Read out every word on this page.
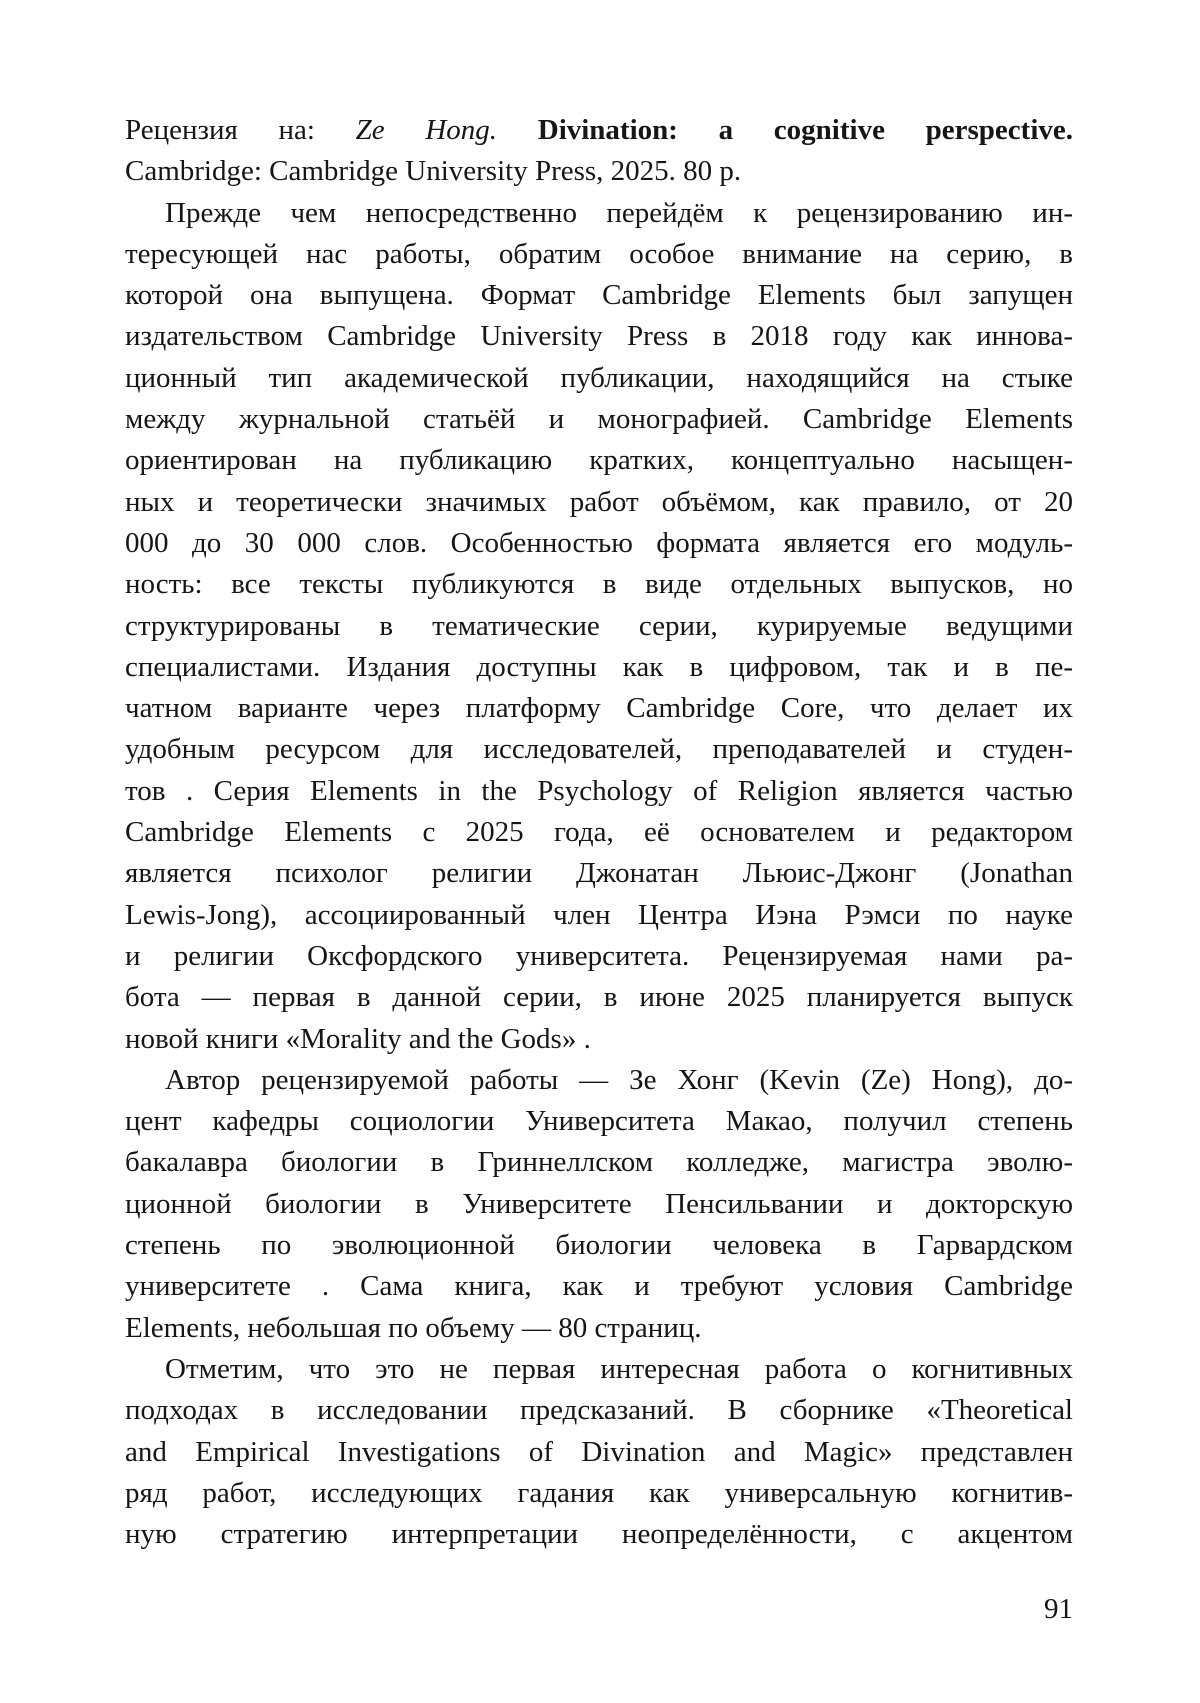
Рецензия на: Ze Hong. Divination: a cognitive perspective.
Cambridge: Cambridge University Press, 2025. 80 p.
Прежде чем непосредственно перейдём к рецензированию ин-
тересующей нас работы, обратим особое внимание на серию, в
которой она выпущена. Формат Cambridge Elements был запущен
издательством Cambridge University Press в 2018 году как иннова-
ционный тип академической публикации, находящийся на стыке
между журнальной статьёй и монографией. Cambridge Elements
ориентирован на публикацию кратких, концептуально насыщен-
ных и теоретически значимых работ объёмом, как правило, от 20
000 до 30 000 слов. Особенностью формата является его модуль-
ность: все тексты публикуются в виде отдельных выпусков, но
структурированы в тематические серии, курируемые ведущими
специалистами. Издания доступны как в цифровом, так и в пе-
чатном варианте через платформу Cambridge Core, что делает их
удобным ресурсом для исследователей, преподавателей и студен-
тов . Серия Elements in the Psychology of Religion является частью
Cambridge Elements с 2025 года, её основателем и редактором
является психолог религии Джонатан Льюис-Джонг (Jonathan
Lewis-Jong), ассоциированный член Центра Иэна Рэмси по науке
и религии Оксфордского университета. Рецензируемая нами ра-
бота — первая в данной серии, в июне 2025 планируется выпуск
новой книги «Morality and the Gods» .
Автор рецензируемой работы — Зе Хонг (Kevin (Ze) Hong), до-
цент кафедры социологии Университета Макао, получил степень
бакалавра биологии в Гриннеллском колледже, магистра эволю-
ционной биологии в Университете Пенсильвании и докторскую
степень по эволюционной биологии человека в Гарвардском
университете . Сама книга, как и требуют условия Cambridge
Elements, небольшая по объему — 80 страниц.
Отметим, что это не первая интересная работа о когнитивных
подходах в исследовании предсказаний. В сборнике «Theoretical
and Empirical Investigations of Divination and Magic» представлен
ряд работ, исследующих гадания как универсальную когнитив-
ную стратегию интерпретации неопределённости, с акцентом
91
